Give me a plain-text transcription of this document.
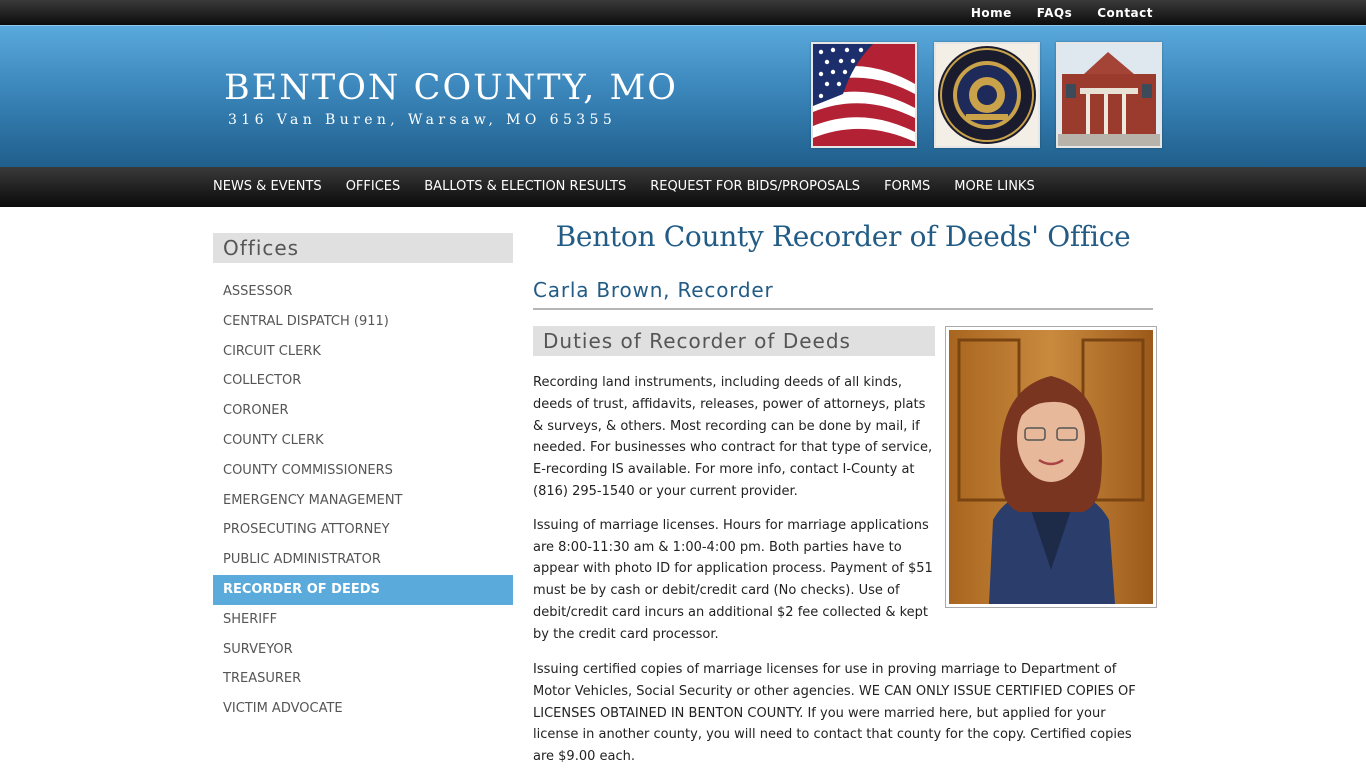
Home FAQs Contact
BENTON COUNTY, MO
316 Van Buren, Warsaw, MO 65355
NEWS & EVENTS OFFICES BALLOTS & ELECTION RESULTS REQUEST FOR BIDS/PROPOSALS FORMS MORE LINKS
Offices
ASSESSOR
CENTRAL DISPATCH (911)
CIRCUIT CLERK
COLLECTOR
CORONER
COUNTY CLERK
COUNTY COMMISSIONERS
EMERGENCY MANAGEMENT
PROSECUTING ATTORNEY
PUBLIC ADMINISTRATOR
RECORDER OF DEEDS
SHERIFF
SURVEYOR
TREASURER
VICTIM ADVOCATE
Benton County Recorder of Deeds' Office
Carla Brown, Recorder
Duties of Recorder of Deeds

Recording land instruments, including deeds of all kinds, deeds of trust, affidavits, releases, power of attorneys, plats & surveys, & others. Most recording can be done by mail, if needed. For businesses who contract for that type of service, E-recording IS available. For more info, contact I-County at (816) 295-1540 or your current provider.

Issuing of marriage licenses. Hours for marriage applications are 8:00-11:30 am & 1:00-4:00 pm. Both parties have to appear with photo ID for application process. Payment of $51 must be by cash or debit/credit card (No checks). Use of debit/credit card incurs an additional $2 fee collected & kept by the credit card processor.

Issuing certified copies of marriage licenses for use in proving marriage to Department of Motor Vehicles, Social Security or other agencies. WE CAN ONLY ISSUE CERTIFIED COPIES OF LICENSES OBTAINED IN BENTON COUNTY. If you were married here, but applied for your license in another county, you will need to contact that county for the copy. Certified copies are $9.00 each.
